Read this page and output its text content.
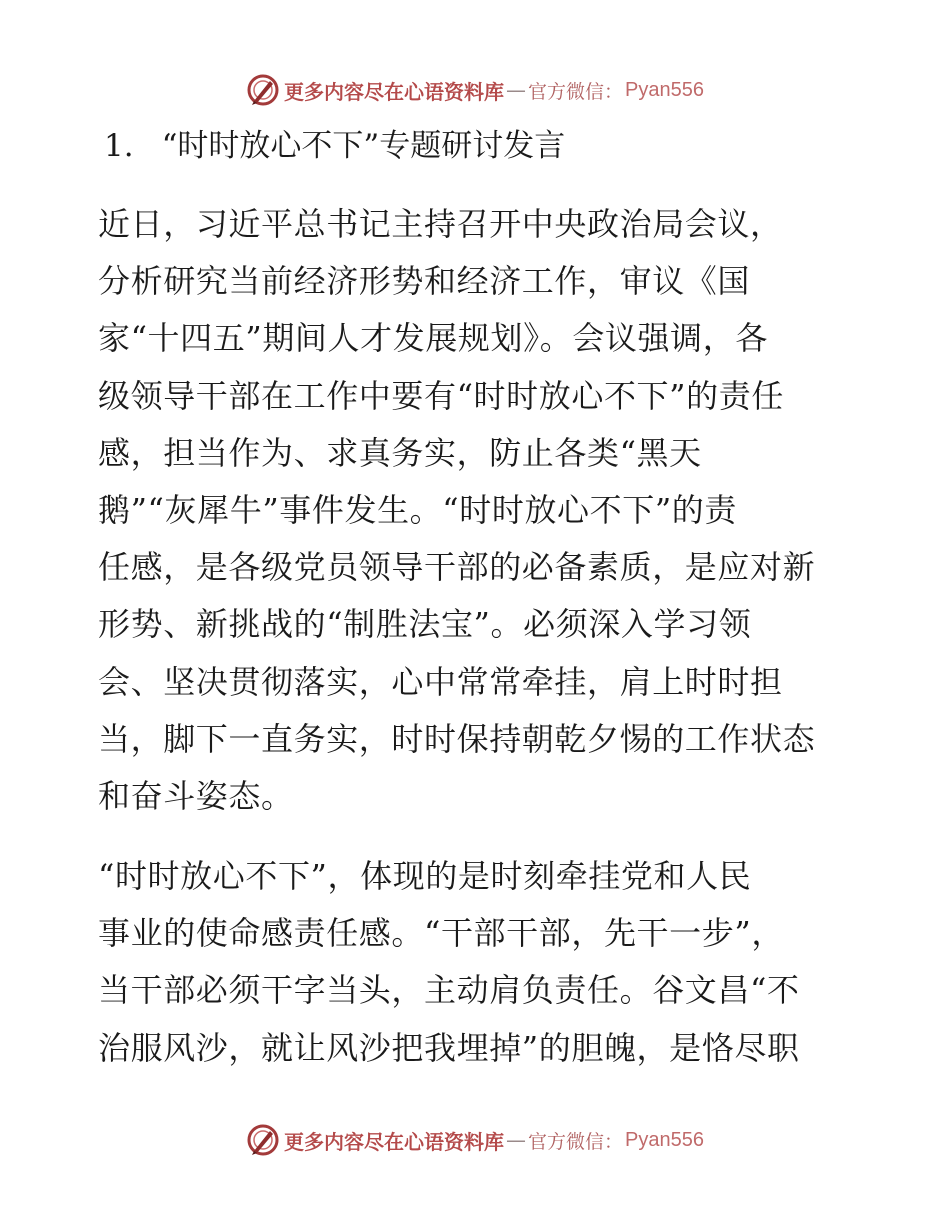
更多内容尽在心语资料库 — 官方微信： Pyan556
1. “时时放心不下”专题研讨发言
近日，习近平总书记主持召开中央政治局会议，
分析研究当前经济形势和经济工作，审议《国
家“十四五”期间人才发展规划》。会议强调，各
级领导干部在工作中要有“时时放心不下”的责任
感，担当作为、求真务实，防止各类“黑天
鹅”“灰犀牛”事件发生。“时时放心不下”的责
任感，是各级党员领导干部的必备素质，是应对新
形势、新挑战的“制胜法宝”。必须深入学习领
会、坚决贯彻落实，心中常常牵挂，肩上时时担
当，脚下一直务实，时时保持朝乾夕惕的工作状态
和奋斗姿态。
“时时放心不下”，体现的是时刻牵挂党和人民
事业的使命感责任感。“干部干部，先干一步”，
当干部必须干字当头，主动肩负责任。谷文昌“不
治服风沙，就让风沙把我埋掉”的胆魄，是恪尽职
更多内容尽在心语资料库 — 官方微信： Pyan556
